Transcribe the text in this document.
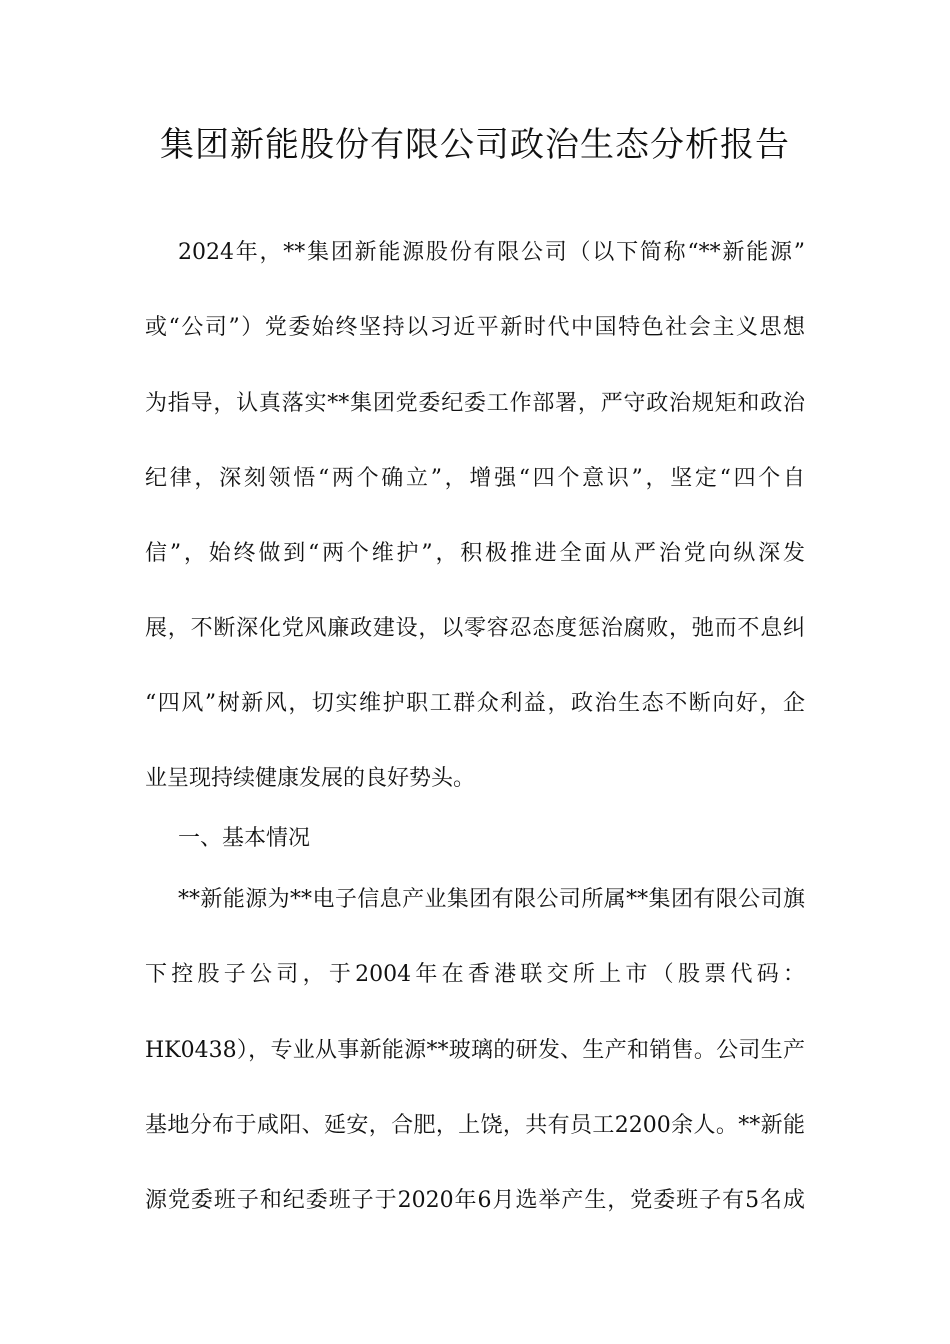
集团新能股份有限公司政治生态分析报告
2024年，**集团新能源股份有限公司（以下简称“**新能源”
或“公司”）党委始终坚持以习近平新时代中国特色社会主义思想
为指导，认真落实**集团党委纪委工作部署，严守政治规矩和政治
纪律，深刻领悟“两个确立”，增强“四个意识”，坚定“四个自
信”，始终做到“两个维护”，积极推进全面从严治党向纵深发
展，不断深化党风廉政建设，以零容忍态度惩治腐败，弛而不息纠
“四风”树新风，切实维护职工群众利益，政治生态不断向好，企
业呈现持续健康发展的良好势头。
一、基本情况
**新能源为**电子信息产业集团有限公司所属**集团有限公司旗
下控股子公司，于2004年在香港联交所上市（股票代码：
HK0438），专业从事新能源**玻璃的研发、生产和销售。公司生产
基地分布于咸阳、延安，合肥，上饶，共有员工2200余人。**新能
源党委班子和纪委班子于2020年6月选举产生，党委班子有5名成
